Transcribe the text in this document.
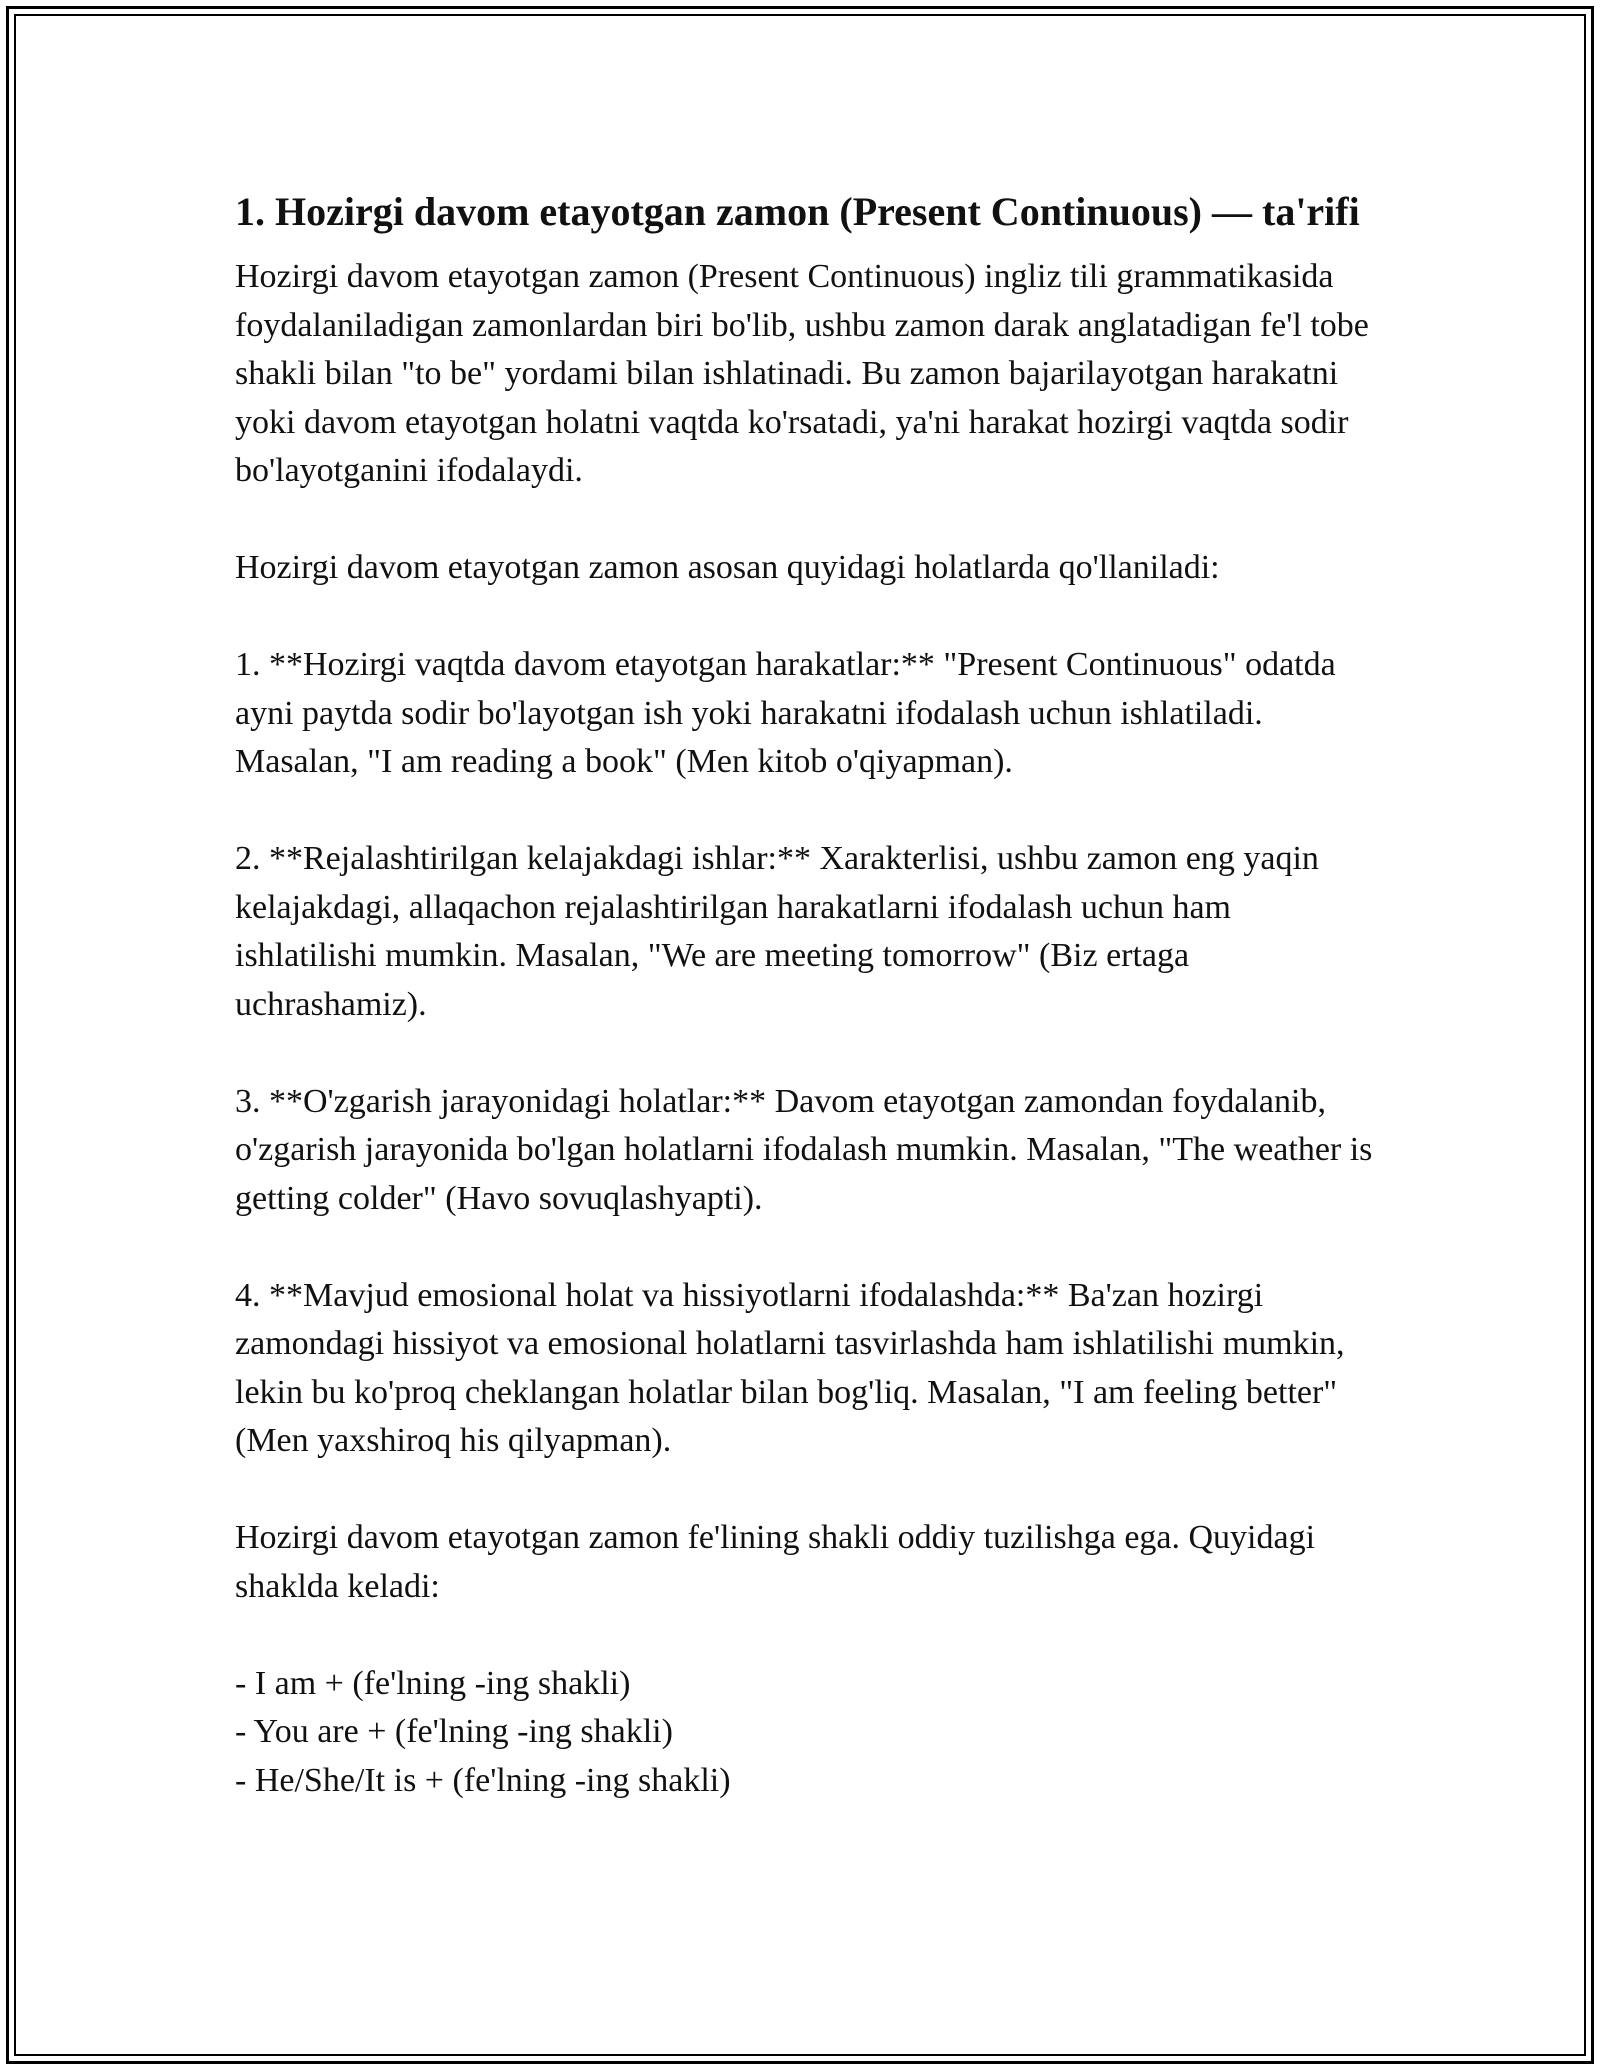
1. Hozirgi davom etayotgan zamon (Present Continuous) — ta'rifi

Hozirgi davom etayotgan zamon (Present Continuous) ingliz tili grammatikasida foydalaniladigan zamonlardan biri bo'lib, ushbu zamon darak anglatadigan fe'l tobe shakli bilan "to be" yordami bilan ishlatinadi. Bu zamon bajarilayotgan harakatni yoki davom etayotgan holatni vaqtda ko'rsatadi, ya'ni harakat hozirgi vaqtda sodir bo'layotganini ifodalaydi.

Hozirgi davom etayotgan zamon asosan quyidagi holatlarda qo'llaniladi:

1. **Hozirgi vaqtda davom etayotgan harakatlar:** "Present Continuous" odatda ayni paytda sodir bo'layotgan ish yoki harakatni ifodalash uchun ishlatiladi. Masalan, "I am reading a book" (Men kitob o'qiyapman).

2. **Rejalashtirilgan kelajakdagi ishlar:** Xarakterlisi, ushbu zamon eng yaqin kelajakdagi, allaqachon rejalashtirilgan harakatlarni ifodalash uchun ham ishlatilishi mumkin. Masalan, "We are meeting tomorrow" (Biz ertaga uchrashamiz).

3. **O'zgarish jarayonidagi holatlar:** Davom etayotgan zamondan foydalanib, o'zgarish jarayonida bo'lgan holatlarni ifodalash mumkin. Masalan, "The weather is getting colder" (Havo sovuqlashyapti).

4. **Mavjud emosional holat va hissiyotlarni ifodalashda:** Ba'zan hozirgi zamondagi hissiyot va emosional holatlarni tasvirlashda ham ishlatilishi mumkin, lekin bu ko'proq cheklangan holatlar bilan bog'liq. Masalan, "I am feeling better" (Men yaxshiroq his qilyapman).

Hozirgi davom etayotgan zamon fe'lining shakli oddiy tuzilishga ega. Quyidagi shaklda keladi:

- I am + (fe'lning -ing shakli)

- You are + (fe'lning -ing shakli)

- He/She/It is + (fe'lning -ing shakli)
